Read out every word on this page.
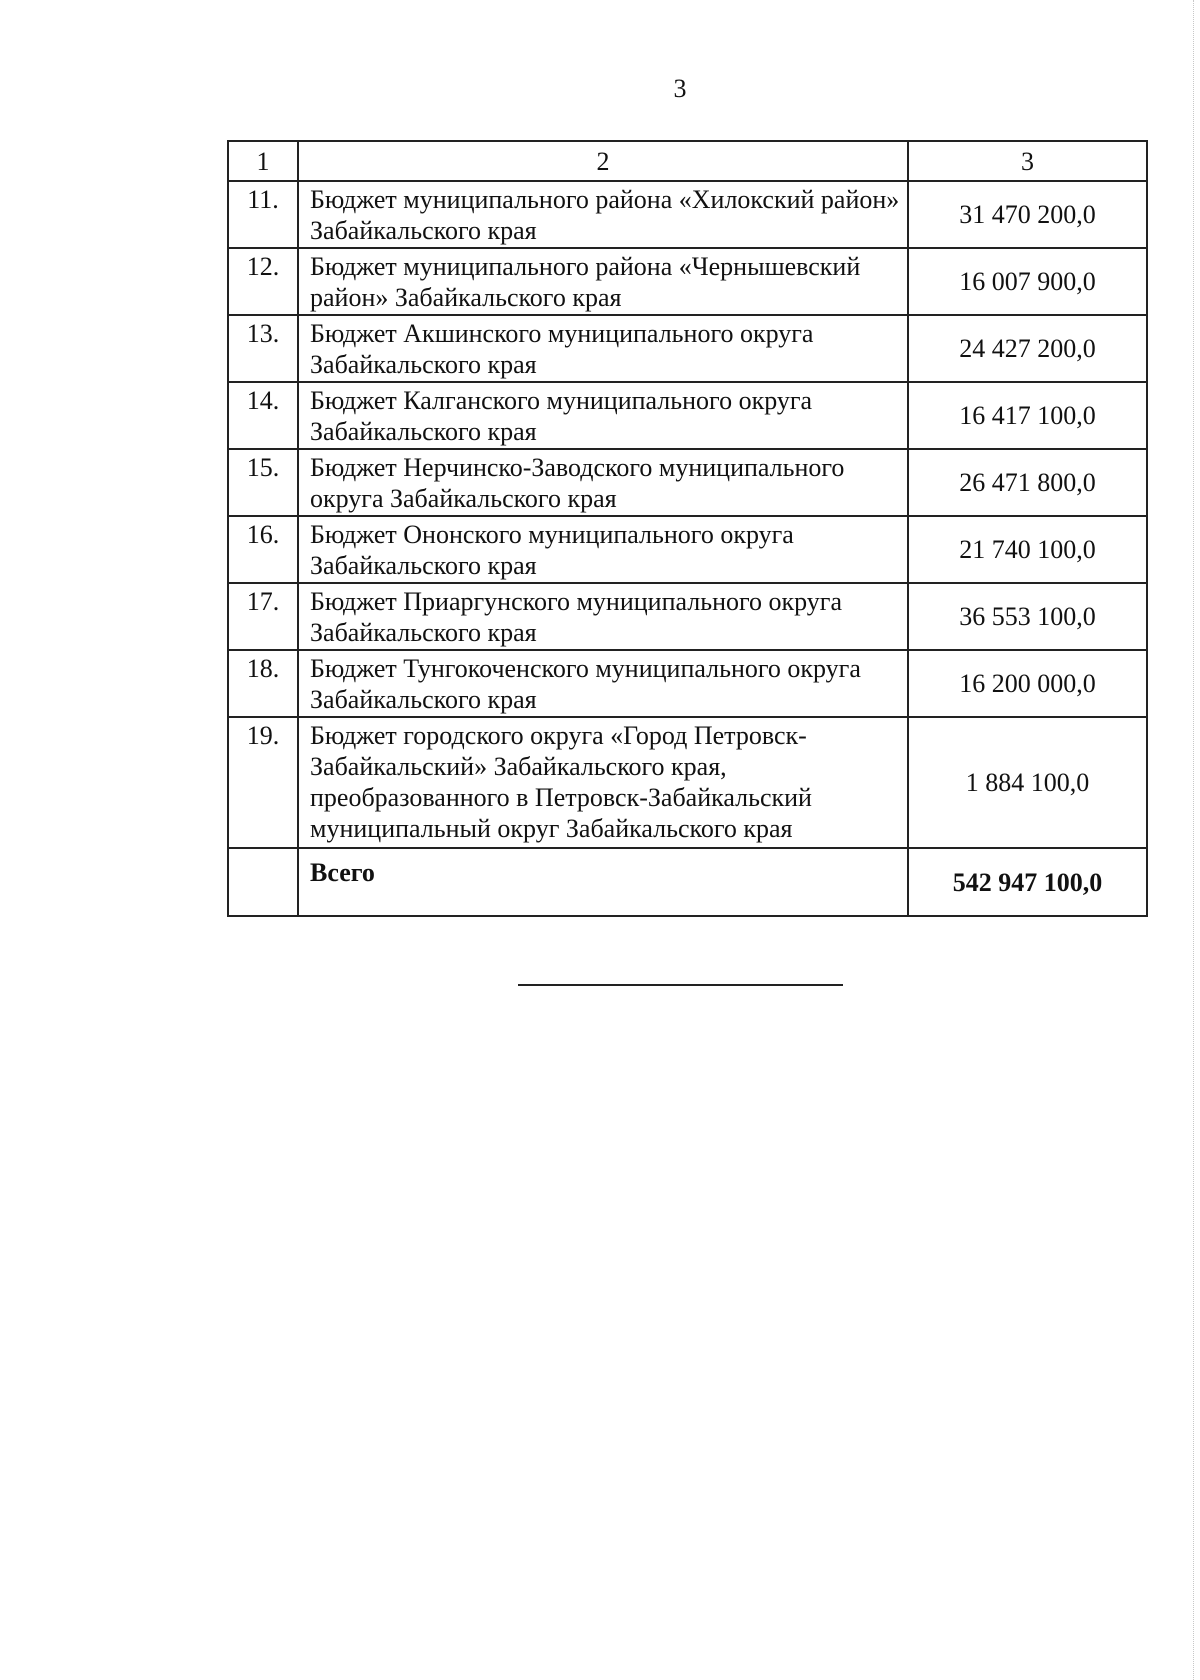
3
1	2	3
11.	Бюджет муниципального района «Хилокский район» Забайкальского края	31 470 200,0
12.	Бюджет муниципального района «Чернышевский район» Забайкальского края	16 007 900,0
13.	Бюджет Акшинского муниципального округа Забайкальского края	24 427 200,0
14.	Бюджет Калганского муниципального округа Забайкальского края	16 417 100,0
15.	Бюджет Нерчинско-Заводского муниципального округа Забайкальского края	26 471 800,0
16.	Бюджет Ононского муниципального округа Забайкальского края	21 740 100,0
17.	Бюджет Приаргунского муниципального округа Забайкальского края	36 553 100,0
18.	Бюджет Тунгокоченского муниципального округа Забайкальского края	16 200 000,0
19.	Бюджет городского округа «Город Петровск-Забайкальский» Забайкальского края, преобразованного в Петровск-Забайкальский муниципальный округ Забайкальского края	1 884 100,0
	Всего	542 947 100,0
